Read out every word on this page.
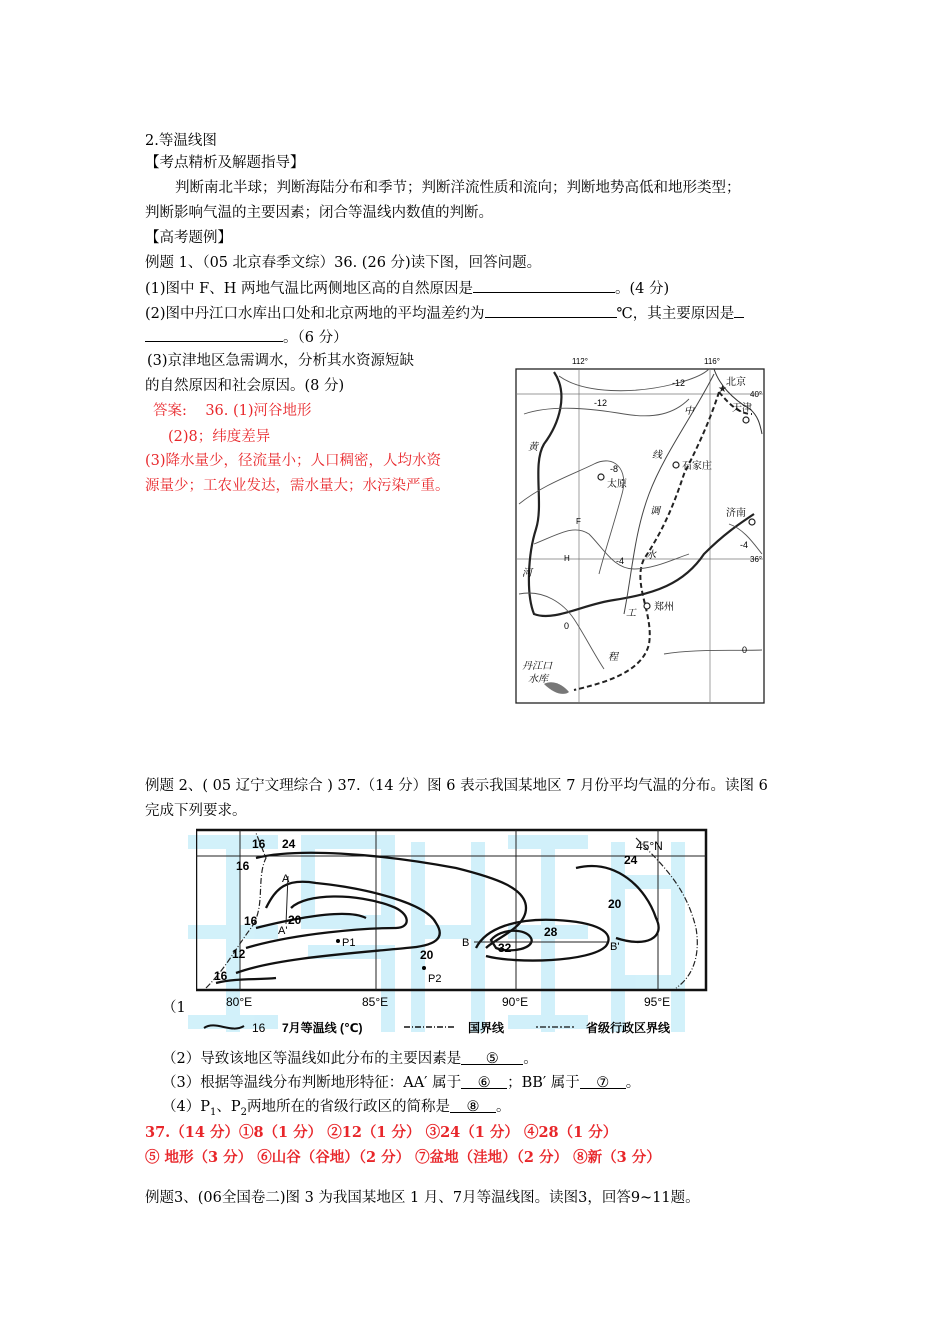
2.等温线图
【考点精析及解题指导】
判断南北半球；判断海陆分布和季节；判断洋流性质和流向；判断地势高低和地形类型；
判断影响气温的主要因素；闭合等温线内数值的判断。
【高考题例】
例题 1、（05 北京春季文综）36. (26 分)读下图，回答问题。
(1)图中 F、H 两地气温比两侧地区高的自然原因是	。(4 分)
(2)图中丹江口水库出口处和北京两地的平均温差约为	℃，其主要原因是
。（6 分）
(3)京津地区急需调水，分析其水资源短缺
的自然原因和社会原因。(8 分)
答案: 36. (1)河谷地形
(2)8；纬度差异
(3)降水量少，径流量小；人口稠密，人均水资
源量少；工农业发达，需水量大；水污染严重。
112°	116°
40°
36°
-12
-12
-8
-4
-4
0
0
F
H
★
北京
天津
石家庄
太原
济南
郑州
丹江口
水库
黄
河
中
线
调
水
工
程
例题 2、( 05 辽宁文理综合 ) 37.（14 分）图 6 表示我国某地区 7 月份平均气温的分布。读图 6
完成下列要求。
45°N
16 24
16
20
16
12
16
20
28
32
24
20
A
A'
B	B'
P1
P2
80°E	85°E	90°E	95°E
16 7月等温线 (℃)	国界线	省级行政区界线
（1
（2）导致该地区等温线如此分布的主要因素是 ⑤ 。
（3）根据等温线分布判断地形特征：AA′ 属于 ⑥ ；BB′ 属于 ⑦ 。
$(4)P_1$、$P_2$两地所在的省级行政区的简称是 ⑧ 。
37.（14 分）①8（1 分） ②12（1 分） ③24（1 分） ④28（1 分）
⑤ 地形（3 分） ⑥山谷（谷地）（2 分） ⑦盆地（洼地）（2 分） ⑧新（3 分）
例题3、(06全国卷二)图 3 为我国某地区 1 月、7月等温线图。读图3，回答9~11题。
